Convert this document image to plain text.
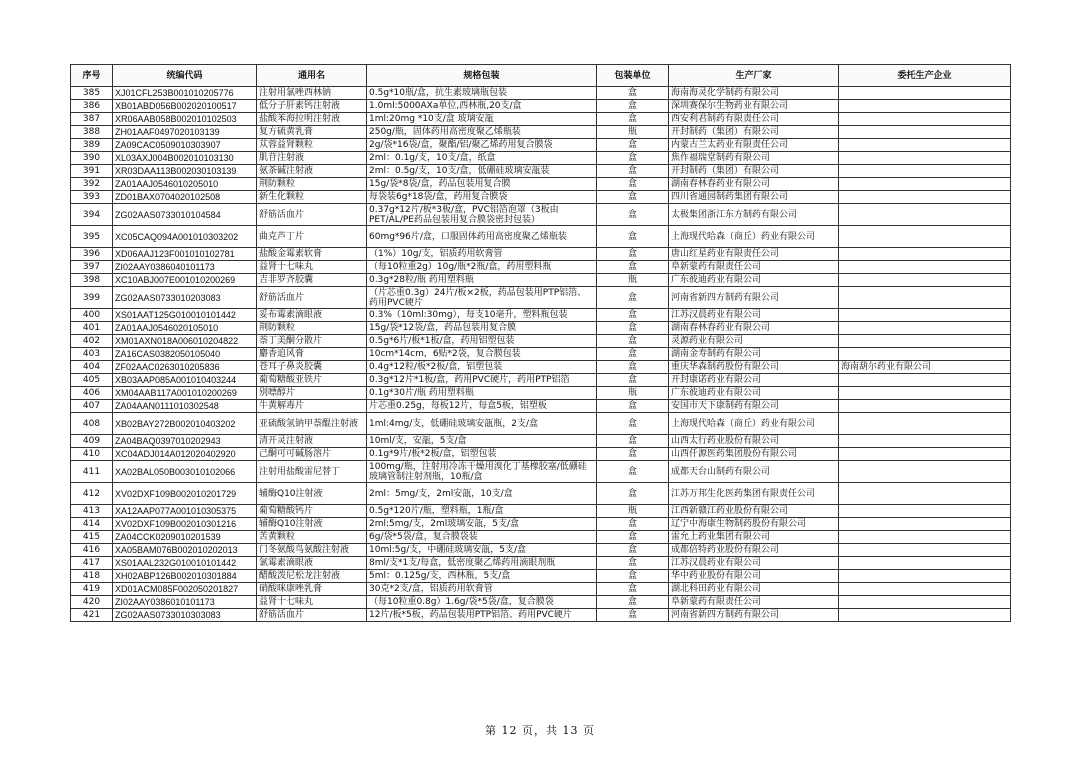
序号	统编代码	通用名	规格包装	包装单位	生产厂家	委托生产企业
385	XJ01CFL253B001010205776	注射用氯唑西林钠	0.5g*10瓶/盒，抗生素玻璃瓶包装	盒	海南海灵化学制药有限公司	
386	XB01ABD056B002020100517	低分子肝素钙注射液	1.0ml:5000AXa单位,西林瓶,20支/盒	盒	深圳赛保尔生物药业有限公司	
387	XR06AAB058B002010102503	盐酸苯海拉明注射液	1ml:20mg *10支/盒 玻璃安瓿	盒	西安利君制药有限责任公司	
388	ZH01AAF0497020103139	复方硫黄乳膏	250g/瓶，固体药用高密度聚乙烯瓶装	瓶	开封制药（集团）有限公司	
389	ZA09CAC0509010303907	苁蓉益肾颗粒	2g/袋*16袋/盒，聚酯/铝/聚乙烯药用复合膜袋	盒	内蒙古兰太药业有限责任公司	
390	XL03AXJ004B002010103130	肌苷注射液	2ml：0.1g/支，10支/盒，纸盒	盒	焦作福瑞堂制药有限公司	
391	XR03DAA113B002030103139	氨茶碱注射液	2ml：0.5g/支，10支/盒，低硼硅玻璃安瓿装	盒	开封制药（集团）有限公司	
392	ZA01AAJ0546010205010	荆防颗粒	15g/袋*8袋/盒，药品包装用复合膜	盒	湖南春林春药业有限公司	
393	ZD01BAX0704020102508	新生化颗粒	每袋装6g*18袋/盒，药用复合膜袋	盒	四川省通园制药集团有限公司	
394	ZG02AAS0733010104584	舒筋活血片	0.37g*12片/板*3板/盒，PVC铝箔泡罩（3板由PET/AL/PE药品包装用复合膜袋密封包装）	盒	太极集团浙江东方制药有限公司	
395	XC05CAQ094A001010303202	曲克芦丁片	60mg*96片/盒，口服固体药用高密度聚乙烯瓶装	盒	上海现代哈森（商丘）药业有限公司	
396	XD06AAJ123F001010102781	盐酸金霉素软膏	（1%）10g/支，铝质药用软膏管	盒	唐山红星药业有限责任公司	
397	ZI02AAY0386040101173	益肾十七味丸	（每10粒重2g）10g/瓶*2瓶/盒，药用塑料瓶	盒	阜新蒙药有限责任公司	
398	XC10ABJ007E001010200269	吉非罗齐胶囊	0.3g*28粒/瓶 药用塑料瓶	瓶	广东彼迪药业有限公司	
399	ZG02AAS0733010203083	舒筋活血片	（片芯重0.3g）24片/板×2板，药品包装用PTP铝箔、药用PVC硬片	盒	河南省新四方制药有限公司	
400	XS01AAT125G010010101442	妥布霉素滴眼液	0.3%（10ml:30mg），每支10毫升，塑料瓶包装	盒	江苏汉晨药业有限公司	
401	ZA01AAJ0546020105010	荆防颗粒	15g/袋*12袋/盒，药品包装用复合膜	盒	湖南春林春药业有限公司	
402	XM01AXN018A006010204822	萘丁美酮分散片	0.5g*6片/板*1板/盒，药用铝塑包装	盒	灵源药业有限公司	
403	ZA16CAS0382050105040	麝香追风膏	10cm*14cm，6贴*2袋，复合膜包装	盒	湖南金寿制药有限公司	
404	ZF02AAC0263010205836	苍耳子鼻炎胶囊	0.4g*12粒/板*2板/盒，铝塑包装	盒	重庆华森制药股份有限公司	海南葫尔药业有限公司
405	XB03AAP085A001010403244	葡萄糖酸亚铁片	0.3g*12片*1板/盒，药用PVC硬片，药用PTP铝箔	盒	开封康诺药业有限公司	
406	XM04AAB117A001010200269	别嘌醇片	0.1g*30片/瓶 药用塑料瓶	瓶	广东彼迪药业有限公司	
407	ZA04AAN0111010302548	牛黄解毒片	片芯重0.25g，每板12片，每盒5板，铝塑板	盒	安国市天下康制药有限公司	
408	XB02BAY272B002010403202	亚硫酸氢钠甲萘醌注射液	1ml:4mg/支，低硼硅玻璃安瓿瓶，2支/盒	盒	上海现代哈森（商丘）药业有限公司	
409	ZA04BAQ0397010202943	清开灵注射液	10ml/支，安瓿，5支/盒	盒	山西太行药业股份有限公司	
410	XC04ADJ014A012020402920	己酮可可碱肠溶片	0.1g*9片/板*2板/盒，铝塑包装	盒	山西仟源医药集团股份有限公司	
411	XA02BAL050B003010102066	注射用盐酸雷尼替丁	100mg/瓶，注射用冷冻干燥用溴化丁基橡胶塞/低硼硅玻璃管制注射剂瓶，10瓶/盒	盒	成都天台山制药有限公司	
412	XV02DXF109B002010201729	辅酶Q10注射液	2ml：5mg/支，2ml安瓿，10支/盒	盒	江苏万邦生化医药集团有限责任公司	
413	XA12AAP077A001010305375	葡萄糖酸钙片	0.5g*120片/瓶，塑料瓶，1瓶/盒	瓶	江西新赣江药业股份有限公司	
414	XV02DXF109B002010301216	辅酶Q10注射液	2ml:5mg/支，2ml玻璃安瓿，5支/盒	盒	辽宁中海康生物制药股份有限公司	
415	ZA04CCK0209010201539	苦黄颗粒	6g/袋*5袋/盒，复合膜袋装	盒	雷允上药业集团有限公司	
416	XA05BAM076B002010202013	门冬氨酸鸟氨酸注射液	10ml:5g/支，中硼硅玻璃安瓿，5支/盒	盒	成都倍特药业股份有限公司	
417	XS01AAL232G010010101442	氯霉素滴眼液	8ml/支*1支/每盒，低密度聚乙烯药用滴眼剂瓶	盒	江苏汉晨药业有限公司	
418	XH02ABP126B002010301884	醋酸泼尼松龙注射液	5ml：0.125g/支，西林瓶，5支/盒	盒	华中药业股份有限公司	
419	XD01ACM085F002050201827	硝酸咪康唑乳膏	30克*2支/盒，铝质药用软膏管	盒	湖北科田药业有限公司	
420	ZI02AAY0386010101173	益肾十七味丸	（每10粒重0.8g）1.6g/袋*5袋/盒，复合膜袋	盒	阜新蒙药有限责任公司	
421	ZG02AAS0733010303083	舒筋活血片	12片/板*5板，药品包装用PTP铝箔、药用PVC硬片	盒	河南省新四方制药有限公司	
第 12 页，共 13 页
